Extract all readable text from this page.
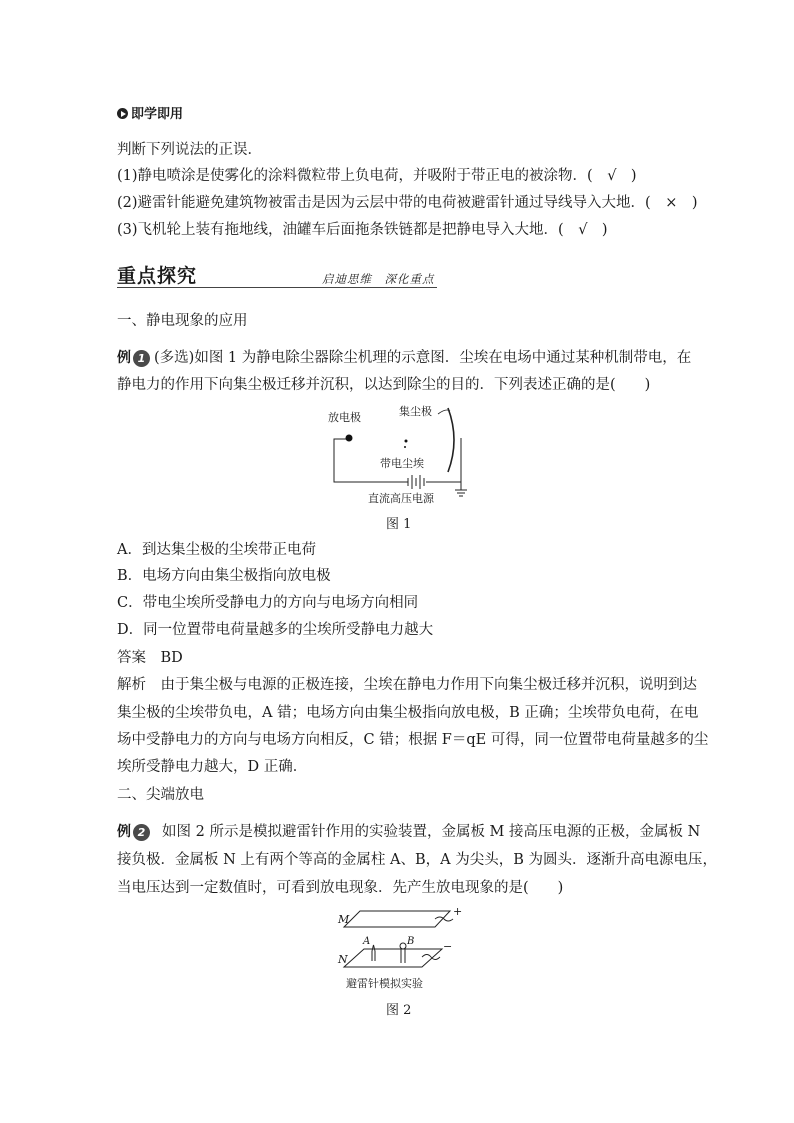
即学即用
判断下列说法的正误．
(1)静电喷涂是使雾化的涂料微粒带上负电荷，并吸附于带正电的被涂物．(　√　)
(2)避雷针能避免建筑物被雷击是因为云层中带的电荷被避雷针通过导线导入大地．(　×　)
(3)飞机轮上装有拖地线，油罐车后面拖条铁链都是把静电导入大地．(　√　)
重点探究	启迪思维　深化重点
一、静电现象的应用
例 1 (多选)如图 1 为静电除尘器除尘机理的示意图．尘埃在电场中通过某种机制带电，在
静电力的作用下向集尘极迁移并沉积，以达到除尘的目的．下列表述正确的是(　　)
放电极	集尘极
带电尘埃
直流高压电源
图 1
A．到达集尘极的尘埃带正电荷
B．电场方向由集尘极指向放电极
C．带电尘埃所受静电力的方向与电场方向相同
D．同一位置带电荷量越多的尘埃所受静电力越大
答案　BD
解析　由于集尘极与电源的正极连接，尘埃在静电力作用下向集尘极迁移并沉积，说明到达
集尘极的尘埃带负电，A 错；电场方向由集尘极指向放电极，B 正确；尘埃带负电荷，在电
场中受静电力的方向与电场方向相反，C 错；根据 F＝qE 可得，同一位置带电荷量越多的尘
埃所受静电力越大，D 正确．
二、尖端放电
例 2 如图 2 所示是模拟避雷针作用的实验装置，金属板 M 接高压电源的正极，金属板 N
接负极．金属板 N 上有两个等高的金属柱 A、B，A 为尖头，B 为圆头．逐渐升高电源电压，
当电压达到一定数值时，可看到放电现象．先产生放电现象的是(　　)
M
N
A	B
+
−
避雷针模拟实验
图 2
